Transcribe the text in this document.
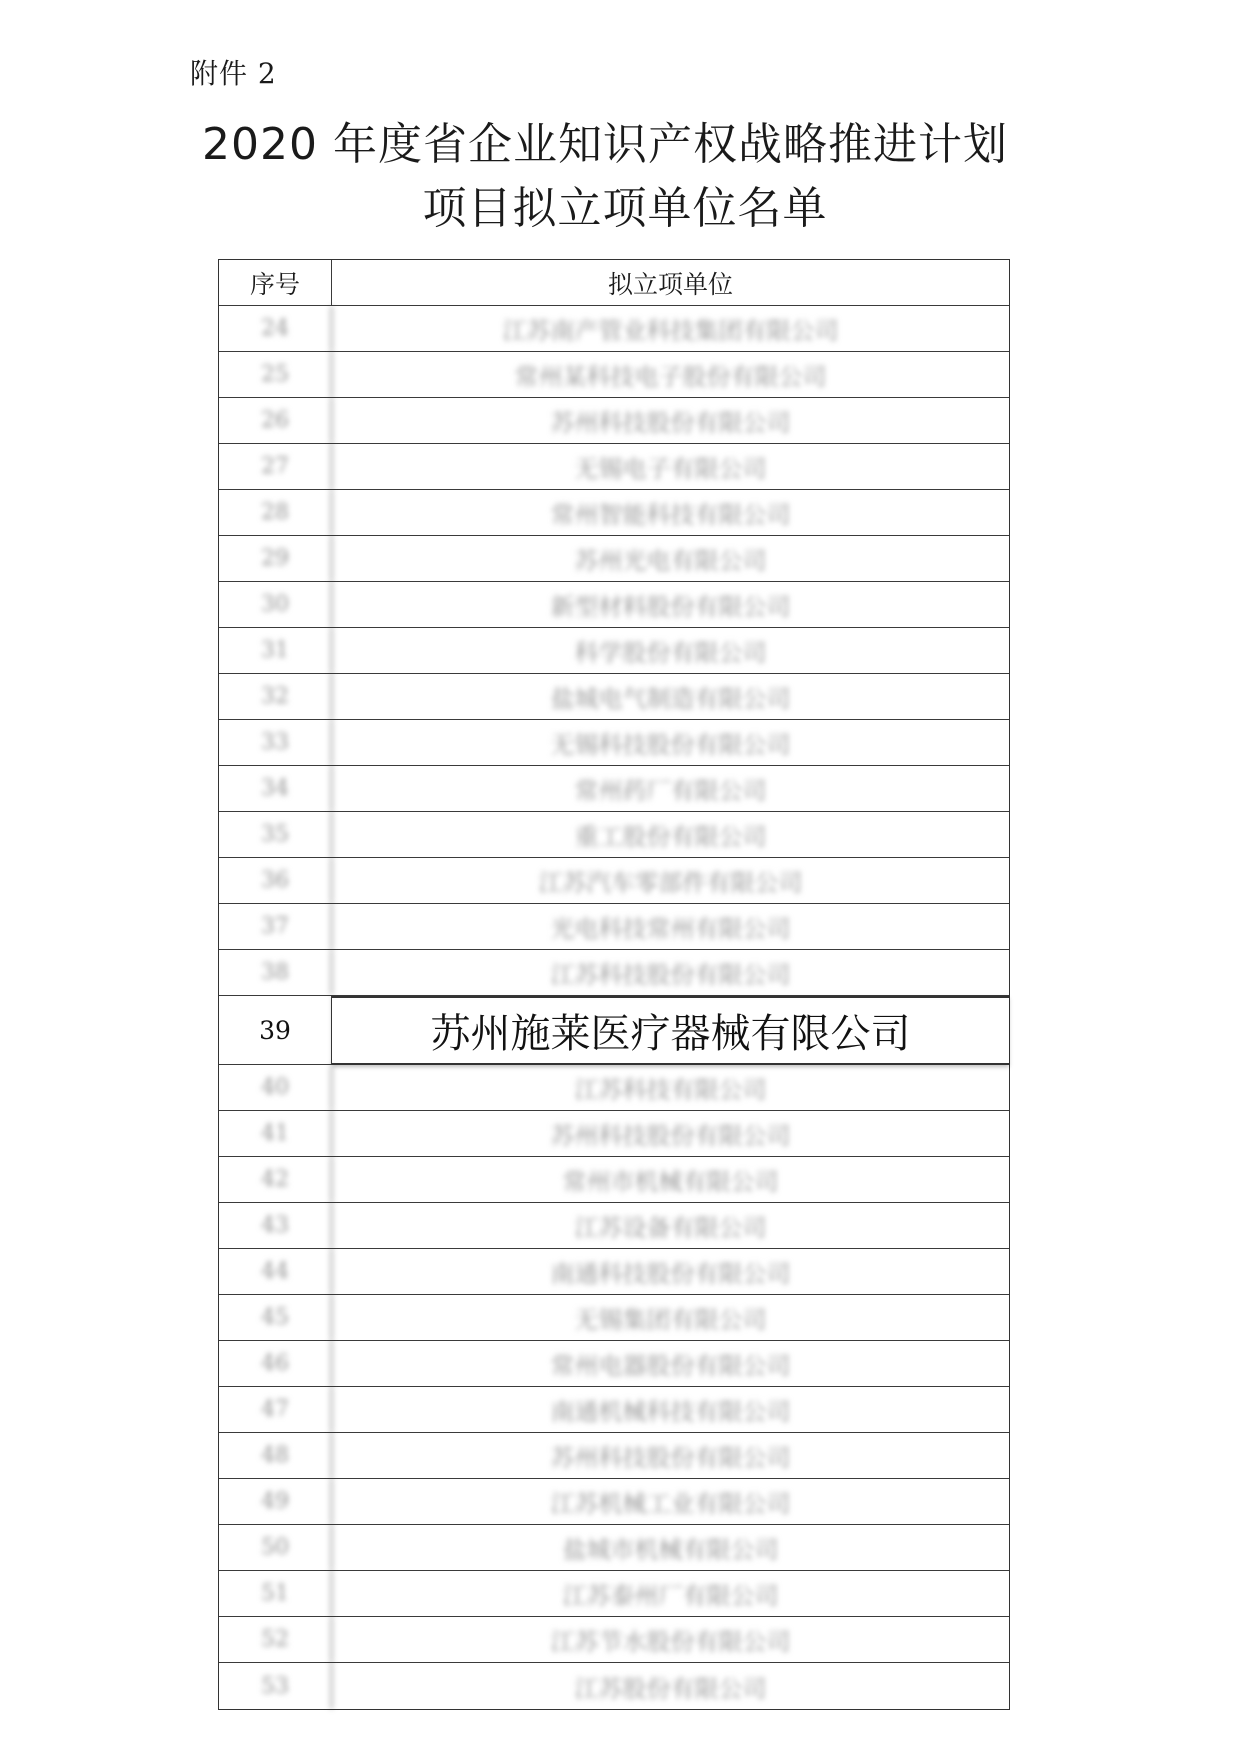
附件 2
2020 年度省企业知识产权战略推进计划
项目拟立项单位名单
序号	拟立项单位
24	江苏南产管业科技集团有限公司
25	常州某科技电子股份有限公司
26	苏州科技股份有限公司
27	无锡电子有限公司
28	常州智能科技有限公司
29	苏州光电有限公司
30	新型材料股份有限公司
31	科学股份有限公司
32	盐城电气制造有限公司
33	无锡科技股份有限公司
34	常州药厂有限公司
35	重工股份有限公司
36	江苏汽车零部件有限公司
37	光电科技常州有限公司
38	江苏科技股份有限公司
39	苏州施莱医疗器械有限公司
40	江苏科技有限公司
41	苏州科技股份有限公司
42	常州市机械有限公司
43	江苏设备有限公司
44	南通科技股份有限公司
45	无锡集团有限公司
46	常州电器股份有限公司
47	南通机械科技有限公司
48	苏州科技股份有限公司
49	江苏机械工业有限公司
50	盐城市机械有限公司
51	江苏泰州厂有限公司
52	江苏节水股份有限公司
53	江苏股份有限公司
